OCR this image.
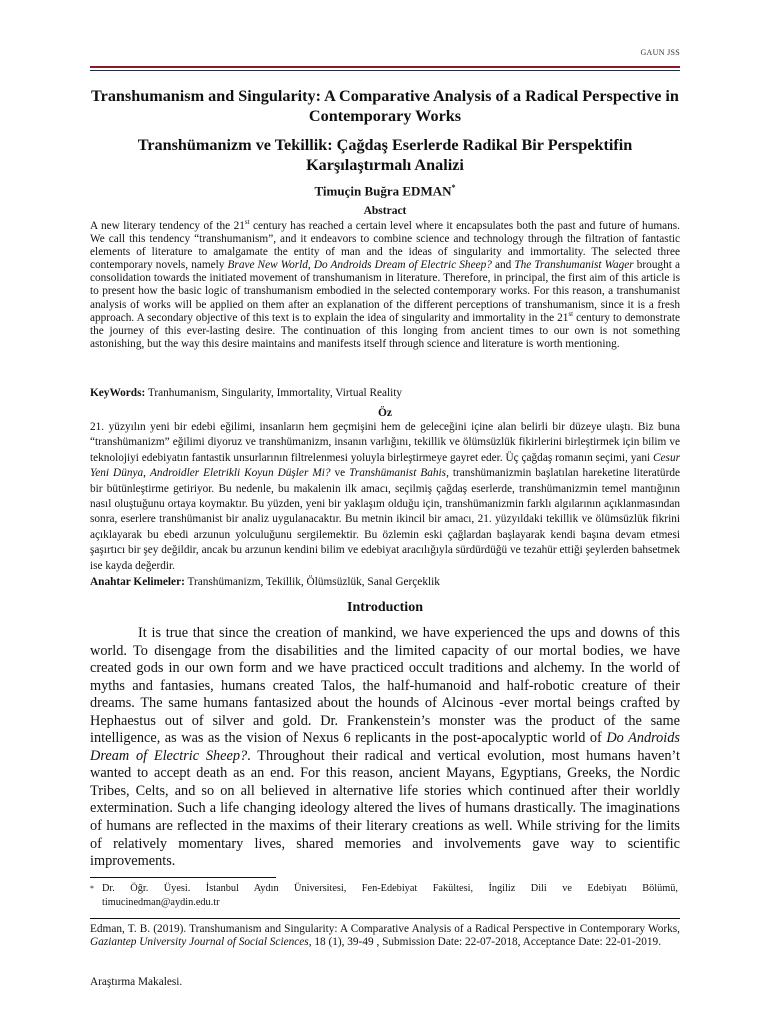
GAUN JSS
Transhumanism and Singularity: A Comparative Analysis of a Radical Perspective in Contemporary Works
Transhümanizm ve Tekillik: Çağdaş Eserlerde Radikal Bir Perspektifin Karşılaştırmalı Analizi
Timuçin Buğra EDMAN*
Abstract
A new literary tendency of the 21st century has reached a certain level where it encapsulates both the past and future of humans. We call this tendency “transhumanism”, and it endeavors to combine science and technology through the filtration of fantastic elements of literature to amalgamate the entity of man and the ideas of singularity and immortality. The selected three contemporary novels, namely Brave New World, Do Androids Dream of Electric Sheep? and The Transhumanist Wager brought a consolidation towards the initiated movement of transhumanism in literature. Therefore, in principal, the first aim of this article is to present how the basic logic of transhumanism embodied in the selected contemporary works. For this reason, a transhumanist analysis of works will be applied on them after an explanation of the different perceptions of transhumanism, since it is a fresh approach. A secondary objective of this text is to explain the idea of singularity and immortality in the 21st century to demonstrate the journey of this ever-lasting desire. The continuation of this longing from ancient times to our own is not something astonishing, but the way this desire maintains and manifests itself through science and literature is worth mentioning.
KeyWords: Tranhumanism, Singularity, Immortality, Virtual Reality
Öz
21. yüzyılın yeni bir edebi eğilimi, insanların hem geçmişini hem de geleceğini içine alan belirli bir düzeye ulaştı. Biz buna “transhümanizm” eğilimi diyoruz ve transhümanizm, insanın varlığını, tekillik ve ölümsüzlük fikirlerini birleştirmek için bilim ve teknolojiyi edebiyatın fantastik unsurlarının filtrelenmesi yoluyla birleştirmeye gayret eder. Üç çağdaş romanın seçimi, yani Cesur Yeni Dünya, Androidler Eletrikli Koyun Düşler Mi? ve Transhümanist Bahis, transhümanizmin başlatılan hareketine literatürde bir bütünleştirme getiriyor. Bu nedenle, bu makalenin ilk amacı, seçilmiş çağdaş eserlerde, transhümanizmin temel mantığının nasıl oluştuğunu ortaya koymaktır. Bu yüzden, yeni bir yaklaşım olduğu için, transhümanizmin farklı algılarının açıklanmasından sonra, eserlere transhümanist bir analiz uygulanacaktır. Bu metnin ikincil bir amacı, 21. yüzyıldaki tekillik ve ölümsüzlük fikrini açıklayarak bu ebedi arzunun yolculuğunu sergilemektir. Bu özlemin eski çağlardan başlayarak kendi başına devam etmesi şaşırtıcı bir şey değildir, ancak bu arzunun kendini bilim ve edebiyat aracılığıyla sürdürdüğü ve tezahür ettiği şeylerden bahsetmek ise kayda değerdir.
Anahtar Kelimeler: Transhümanizm, Tekillik, Ölümsüzlük, Sanal Gerçeklik
Introduction

It is true that since the creation of mankind, we have experienced the ups and downs of this world. To disengage from the disabilities and the limited capacity of our mortal bodies, we have created gods in our own form and we have practiced occult traditions and alchemy. In the world of myths and fantasies, humans created Talos, the half-humanoid and half-robotic creature of their dreams. The same humans fantasized about the hounds of Alcinous -ever mortal beings crafted by Hephaestus out of silver and gold. Dr. Frankenstein’s monster was the product of the same intelligence, as was as the vision of Nexus 6 replicants in the post-apocalyptic world of Do Androids Dream of Electric Sheep?. Throughout their radical and vertical evolution, most humans haven’t wanted to accept death as an end. For this reason, ancient Mayans, Egyptians, Greeks, the Nordic Tribes, Celts, and so on all believed in alternative life stories which continued after their worldly extermination. Such a life changing ideology altered the lives of humans drastically. The imaginations of humans are reflected in the maxims of their literary creations as well. While striving for the limits of relatively momentary lives, shared memories and involvements gave way to scientific improvements.

*Dr. Öğr. Üyesi. İstanbul Aydın Üniversitesi, Fen-Edebiyat Fakültesi, İngiliz Dili ve Edebiyatı Bölümü,
timucinedman@aydin.edu.tr
Edman, T. B. (2019). Transhumanism and Singularity: A Comparative Analysis of a Radical Perspective in Contemporary Works, Gaziantep University Journal of Social Sciences, 18 (1), 39-49 , Submission Date: 22-07-2018, Acceptance Date: 22-01-2019.
Araştırma Makalesi.
